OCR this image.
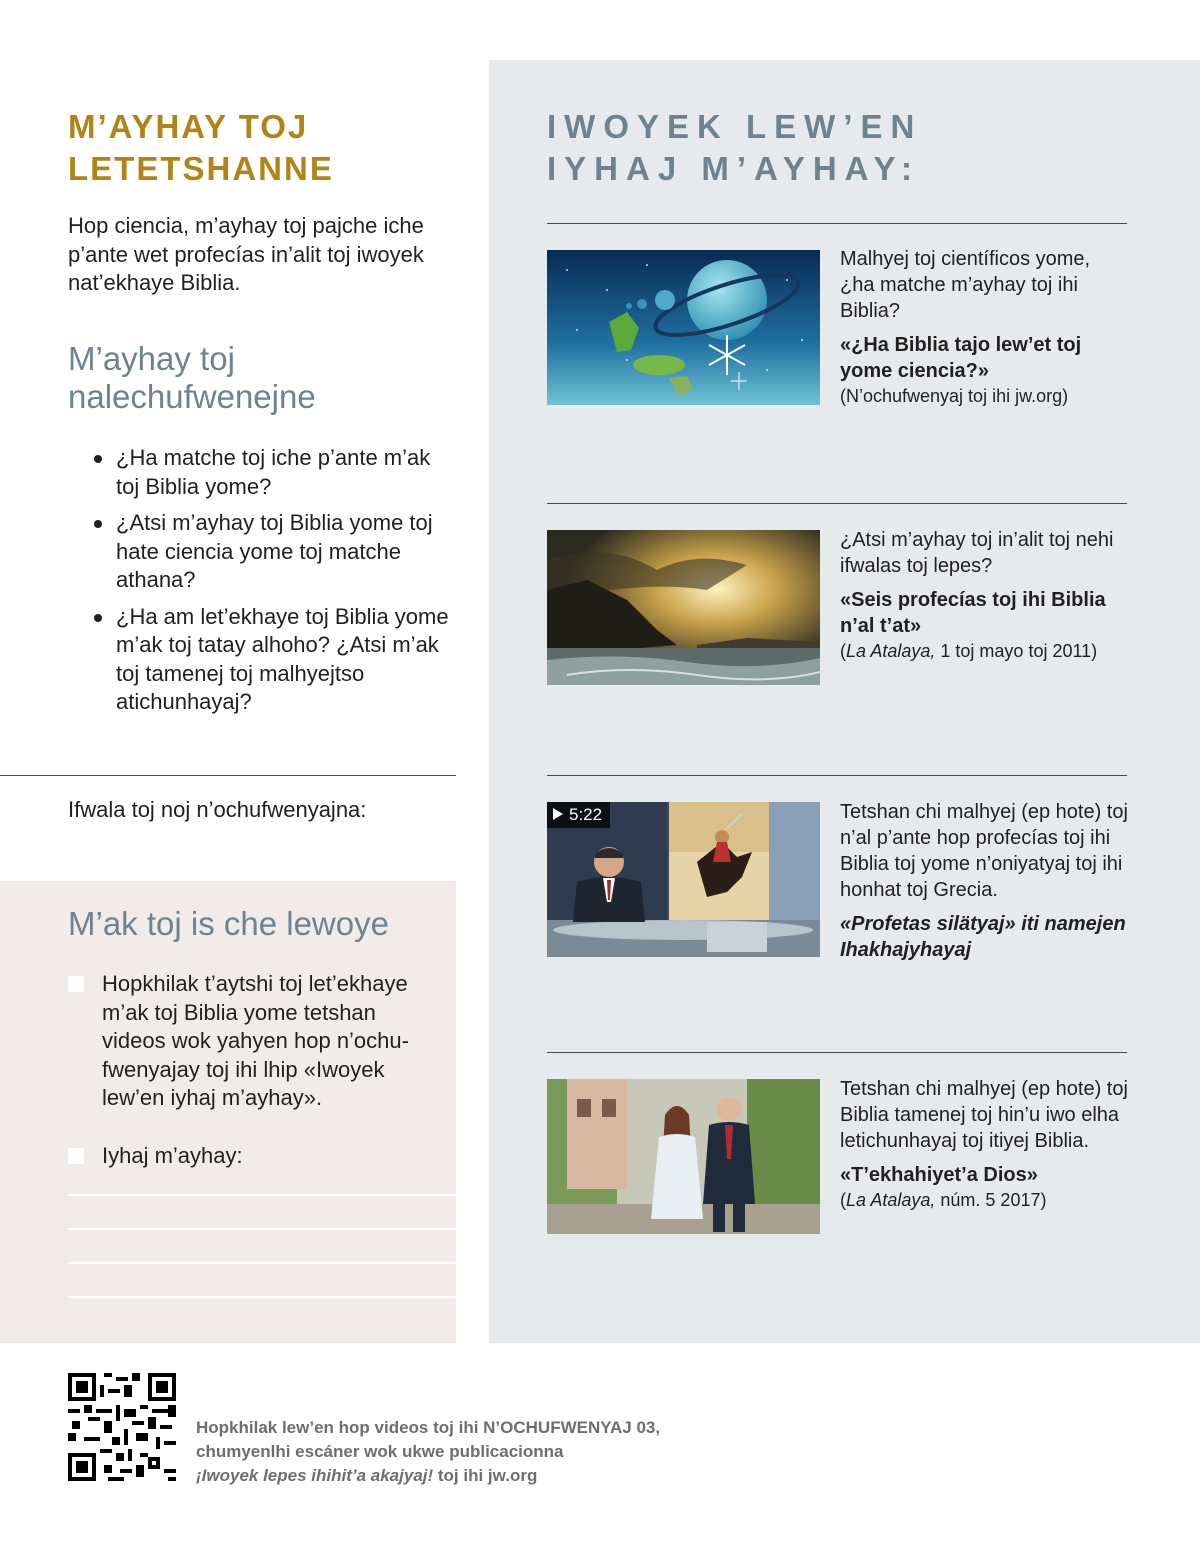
M’AYHAY TOJ
LETETSHANNE
Hop ciencia, m’ayhay toj pajche iche p’ante wet profecías in’alit toj iwoyek nat’ekhaye Biblia.
M’ayhay toj
nalechufwenejne
¿Ha matche toj iche p’ante m’ak toj Biblia yome?
¿Atsi m’ayhay toj Biblia yome toj hate ciencia yome toj matche athana?
¿Ha am let’ekhaye toj Biblia yome m’ak toj tatay alhoho? ¿Atsi m’ak toj tamenej toj malhyejtso atichunhayaj?
Ifwala toj noj n’ochufwenyajna:
M’ak toj is che lewoye
Hopkhilak t’aytshi toj let’ekhaye m’ak toj Biblia yome tetshan videos wok yahyen hop n’ochufwenyajay toj ihi lhip «Iwoyek lew’en iyhaj m’ayhay».
Iyhaj m’ayhay:
IWOYEK LEW’EN
IYHAJ M’AYHAY:
Malhyej toj científicos yome, ¿ha matche m’ayhay toj ihi Biblia?
«¿Ha Biblia tajo lew’et toj yome ciencia?»
(N’ochufwenyaj toj ihi jw.org)
¿Atsi m’ayhay toj in’alit toj nehi ifwalas toj lepes?
«Seis profecías toj ihi Biblia n’al t’at»
(La Atalaya, 1 toj mayo toj 2011)
5:22	Tetshan chi malhyej (ep hote) toj n’al p’ante hop profecías toj ihi Biblia toj yome n’oniyatyaj toj ihi honhat toj Grecia.
«Profetas silätyaj» iti namejen Ihakhajyhayaj
Tetshan chi malhyej (ep hote) toj Biblia tamenej toj hin’u iwo elha letichunhayaj toj itiyej Biblia.
«T’ekhahiyet’a Dios»
(La Atalaya, núm. 5 2017)
Hopkhilak lew’en hop videos toj ihi N’OCHUFWENYAJ 03,
chumyenlhi escáner wok ukwe publicacionna
¡Iwoyek lepes ihihit’a akajyaj! toj ihi jw.org
